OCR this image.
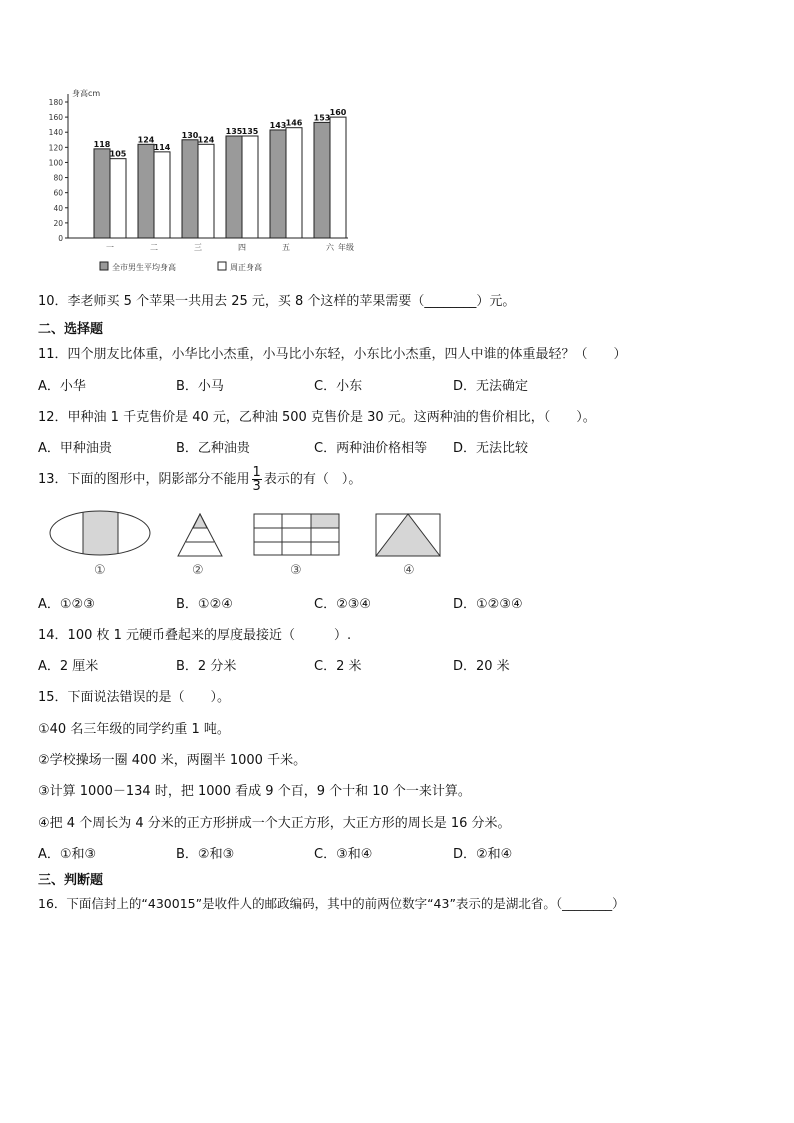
身高cm
年级
0
20
40
60
80
100
120
140
160
180
118
105
一
124
114
二
130
124
三
135 135
四
143 146
五
153
160
六
全市男生平均身高	周正身高
10．李老师买 5 个苹果一共用去 25 元，买 8 个这样的苹果需要（________）元。
二、选择题
11．四个朋友比体重，小华比小杰重，小马比小东轻，小东比小杰重，四人中谁的体重最轻？（　　）
A．小华	B．小马	C．小东	D．无法确定
12．甲种油 1 千克售价是 40 元，乙种油 500 克售价是 30 元。这两种油的售价相比，（　　）。
A．甲种油贵	B．乙种油贵	C．两种油价格相等 D．无法比较
13．下面的图形中，阴影部分不能用 $\frac{1}{3}$ 表示的有（　）。
①	②	③	④
A．①②③	B．①②④	C．②③④	D．①②③④
14．100 枚 1 元硬币叠起来的厚度最接近（　　　）.
A．2 厘米	B．2 分米	C．2 米	D．20 米
15．下面说法错误的是（　　）。
①40 名三年级的同学约重 1 吨。
②学校操场一圈 400 米，两圈半 1000 千米。
③计算 1000－134 时，把 1000 看成 9 个百，9 个十和 10 个一来计算。
④把 4 个周长为 4 分米的正方形拼成一个大正方形，大正方形的周长是 16 分米。
A．①和③	B．②和③	C．③和④	D．②和④
三、判断题
16．下面信封上的“430015”是收件人的邮政编码，其中的前两位数字“43”表示的是湖北省。（________）
